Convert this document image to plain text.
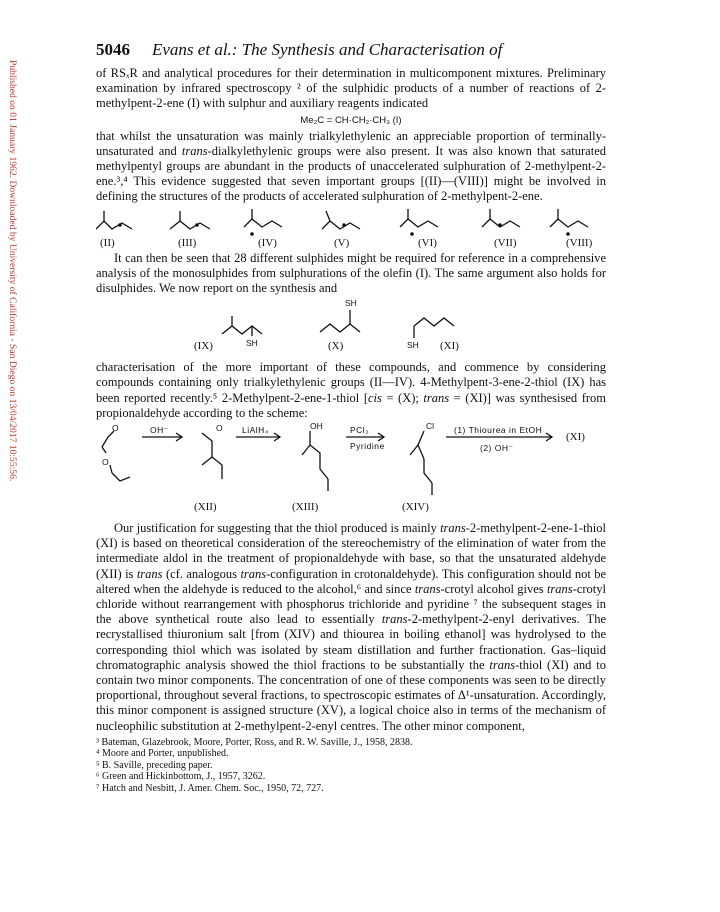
Published on 01 January 1962. Downloaded by University of California - San Diego on 13/04/2017 10:55:56.
5046 Evans et al.: The Synthesis and Characterisation of

of RSₓR and analytical procedures for their determination in multicomponent mixtures. Preliminary examination by infrared spectroscopy ² of the sulphidic products of a number of reactions of 2-methylpent-2-ene (I) with sulphur and auxiliary reagents indicated

Me₂C = CH·CH₂·CH₃ (I)

that whilst the unsaturation was mainly trialkylethylenic an appreciable proportion of terminally-unsaturated and trans-dialkylethylenic groups were also present. It was also known that saturated methylpentyl groups are abundant in the products of unaccelerated sulphuration of 2-methylpent-2-ene.³,⁴ This evidence suggested that seven important groups [(II)—(VIII)] might be involved in defining the structures of the products of accelerated sulphuration of 2-methylpent-2-ene.

(II)	(III)	(IV)	(V)	(VI)	(VII)	(VIII)

It can then be seen that 28 different sulphides might be required for reference in a comprehensive analysis of the monosulphides from sulphurations of the olefin (I). The same argument also holds for disulphides. We now report on the synthesis and

SH
SH
SH
(IX)	(X)	(XI)

characterisation of the more important of these compounds, and commence by considering compounds containing only trialkylethylenic groups (II—IV). 4-Methylpent-3-ene-2-thiol (IX) has been reported recently.⁵ 2-Methylpent-2-ene-1-thiol [cis = (X); trans = (XI)] was synthesised from propionaldehyde according to the scheme:

O
O
O	OH	Cl
OH⁻	LiAlH₄	PCl₃
Pyridine
(1) Thiourea in EtOH
(2) OH⁻
(XII)	(XIII)	(XIV)
(XI)

Our justification for suggesting that the thiol produced is mainly trans-2-methylpent-2-ene-1-thiol (XI) is based on theoretical consideration of the stereochemistry of the elimination of water from the intermediate aldol in the treatment of propionaldehyde with base, so that the unsaturated aldehyde (XII) is trans (cf. analogous trans-configuration in crotonaldehyde). This configuration should not be altered when the aldehyde is reduced to the alcohol,⁶ and since trans-crotyl alcohol gives trans-crotyl chloride without rearrangement with phosphorus trichloride and pyridine ⁷ the subsequent stages in the above synthetical route also lead to essentially trans-2-methylpent-2-enyl derivatives. The recrystallised thiuronium salt [from (XIV) and thiourea in boiling ethanol] was hydrolysed to the corresponding thiol which was isolated by steam distillation and further fractionation. Gas–liquid chromatographic analysis showed the thiol fractions to be substantially the trans-thiol (XI) and to contain two minor components. The concentration of one of these components was seen to be directly proportional, throughout several fractions, to spectroscopic estimates of Δ¹-unsaturation. Accordingly, this minor component is assigned structure (XV), a logical choice also in terms of the mechanism of nucleophilic substitution at 2-methylpent-2-enyl centres. The other minor component,

³ Bateman, Glazebrook, Moore, Porter, Ross, and R. W. Saville, J., 1958, 2838.
⁴ Moore and Porter, unpublished.
⁵ B. Saville, preceding paper.
⁶ Green and Hickinbottom, J., 1957, 3262.
⁷ Hatch and Nesbitt, J. Amer. Chem. Soc., 1950, 72, 727.
